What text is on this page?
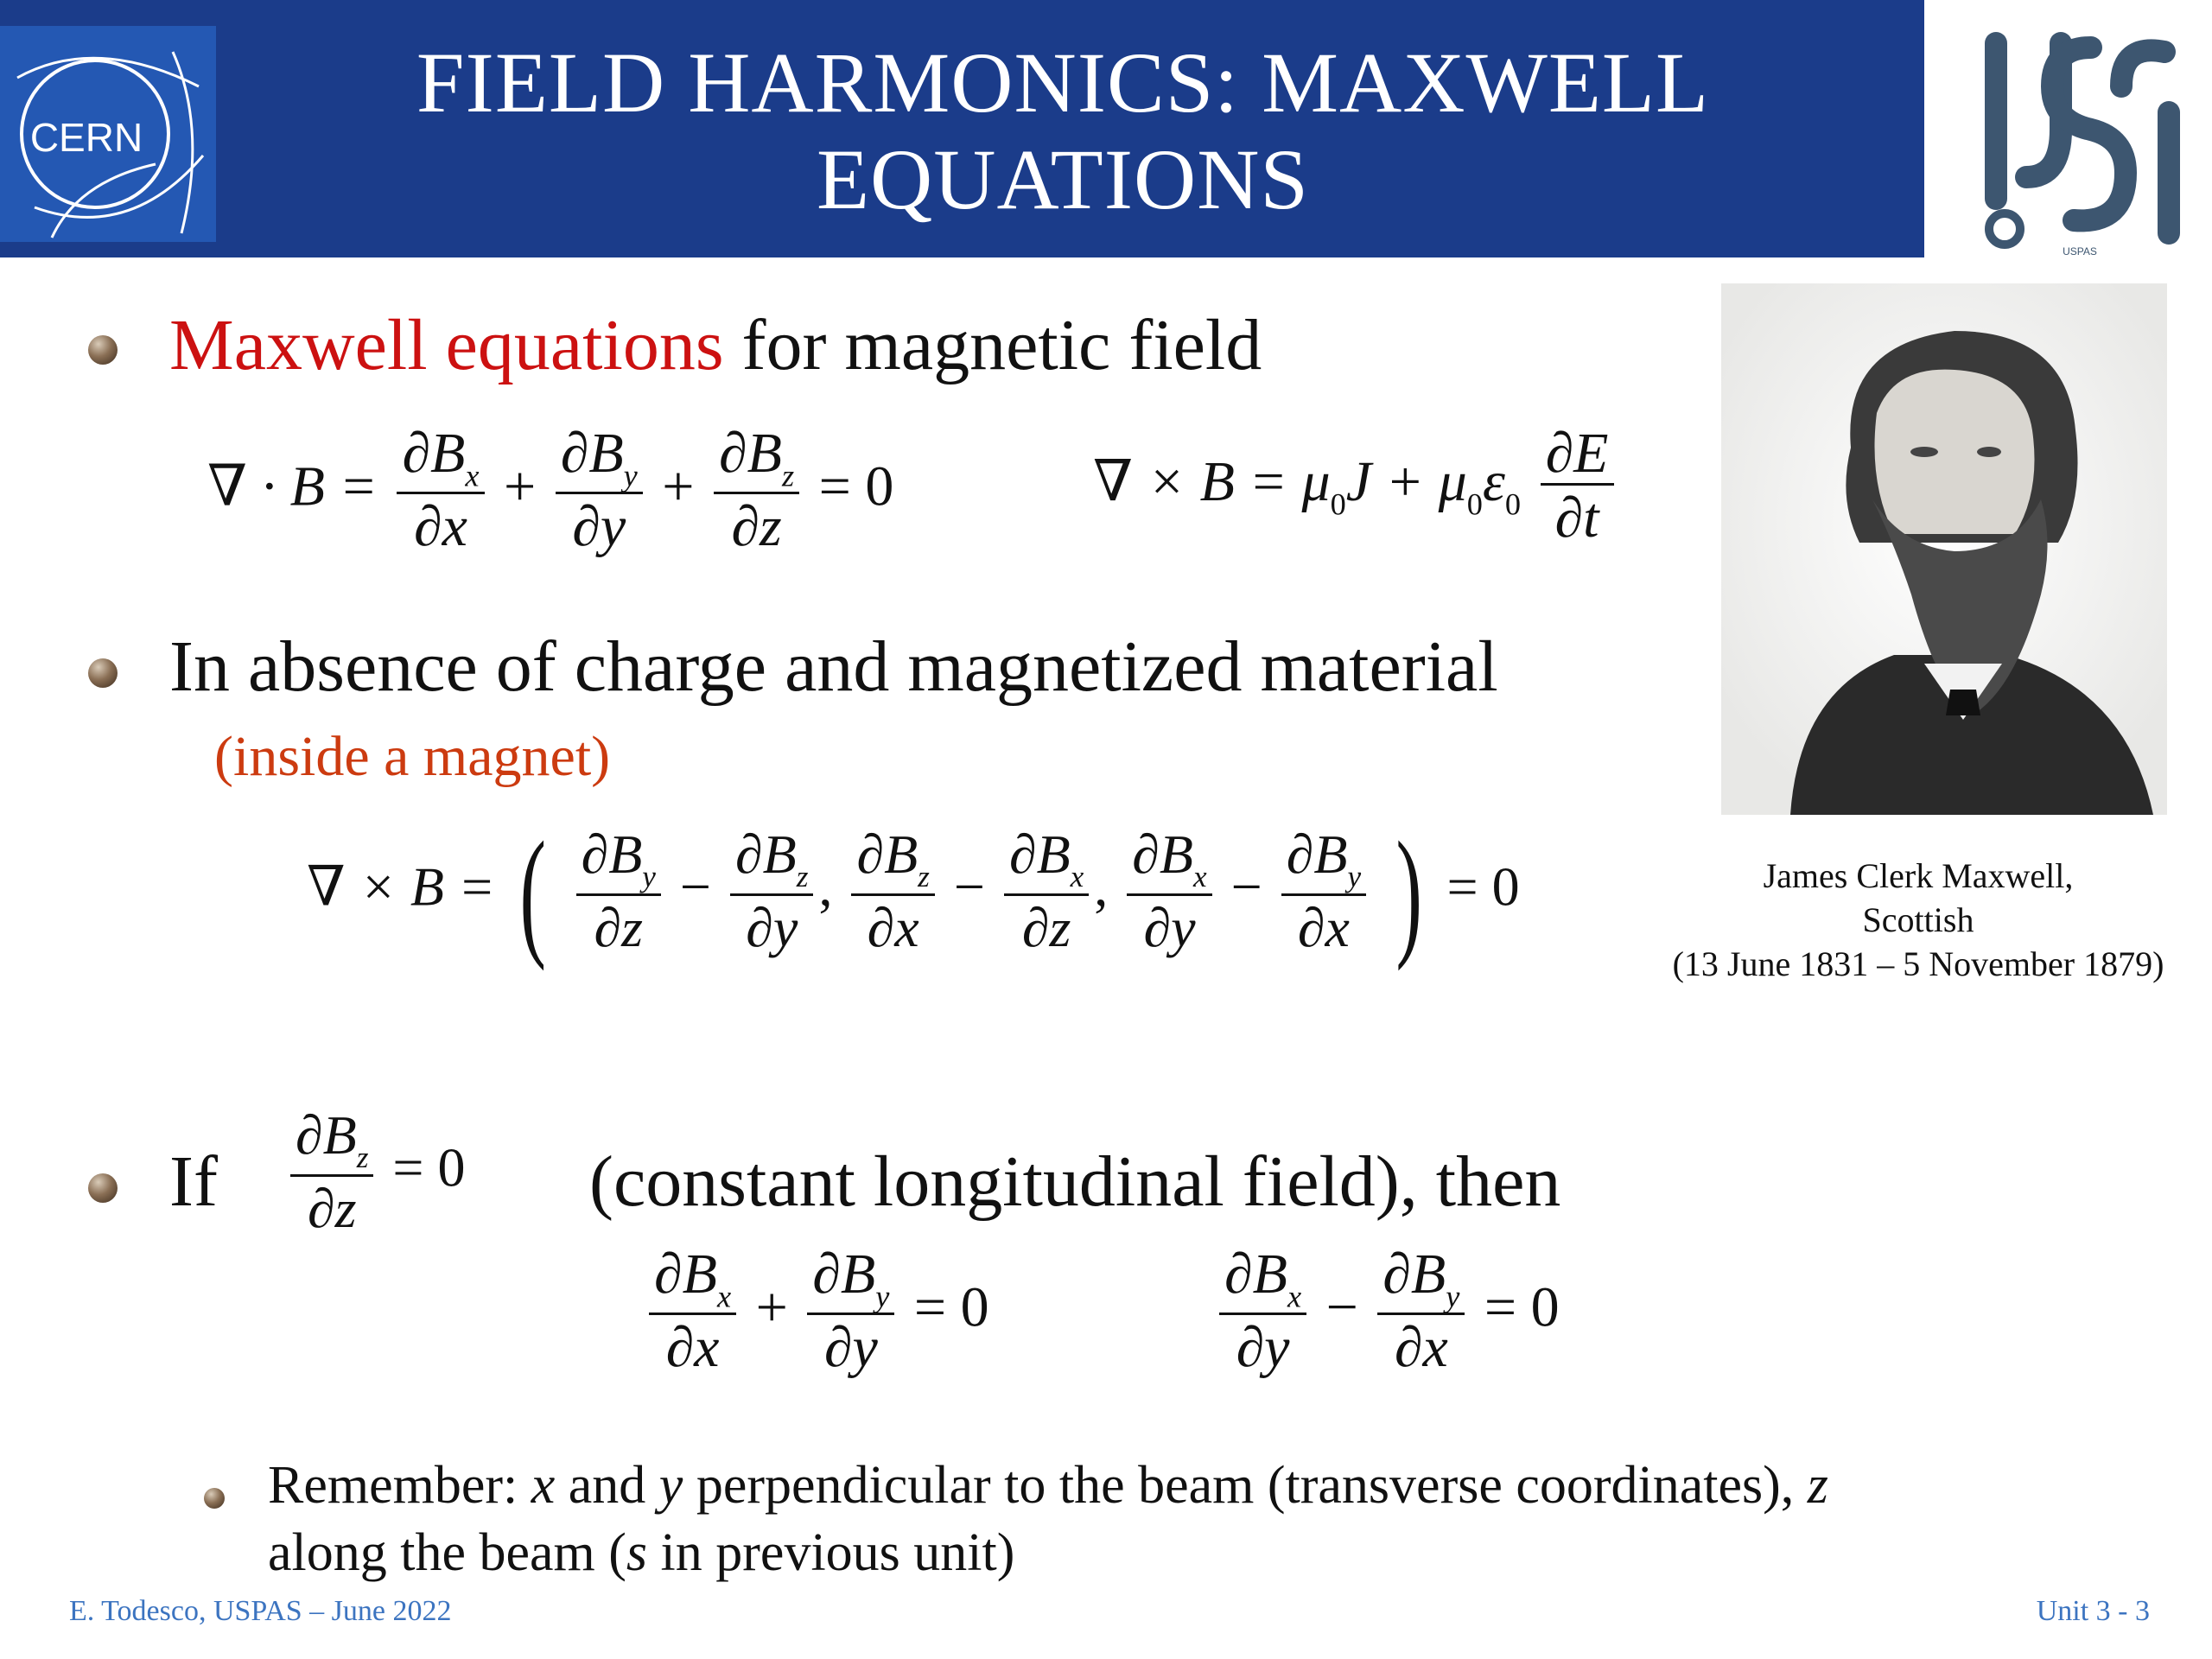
CERN
FIELD HARMONICS: MAXWELL
EQUATIONS
USPAS
Maxwell equations for magnetic field
∇ · $B = \frac{\partial B_x}{\partial x} + \frac{\partial B_y}{\partial y} + \frac{\partial B_z}{\partial z} = 0$	∇ × $B = \mu_0J + \mu_0\varepsilon_0 \frac{\partial E}{\partial t}$
In absence of charge and magnetized material
(inside a magnet)
∇ × B = ( $\frac{\partial B_y}{\partial z} - \frac{\partial B_z}{\partial y}$ , $\frac{\partial B_z}{\partial x} - \frac{\partial B_x}{\partial z}$ , $\frac{\partial B_x}{\partial y} - \frac{\partial B_y}{\partial x}$ ) = 0
If $\frac{\partial B_z}{\partial z} = 0$ (constant longitudinal field), then
$\frac{\partial B_x}{\partial x} + \frac{\partial B_y}{\partial y} = 0$	$\frac{\partial B_x}{\partial y} - \frac{\partial B_y}{\partial x} = 0$
Remember: x and y perpendicular to the beam (transverse coordinates), z
along the beam (s in previous unit)
James Clerk Maxwell,
Scottish
(13 June 1831 – 5 November 1879)
E. Todesco, USPAS – June 2022	Unit 3 - 3
